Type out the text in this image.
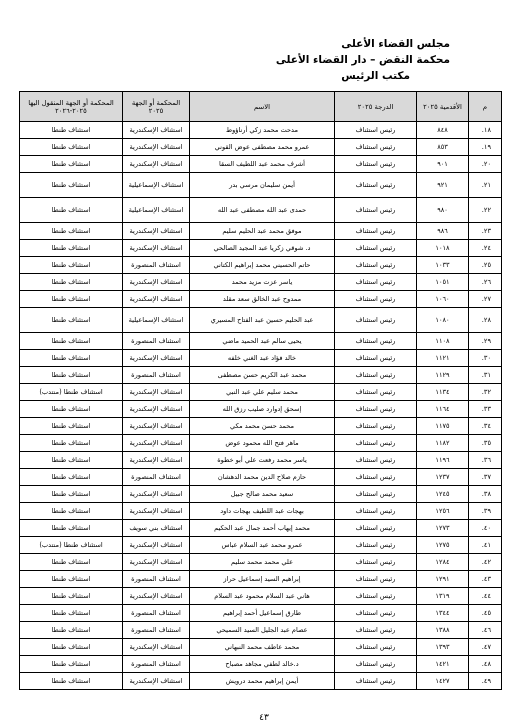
مجلس القضاء الأعلى
محكمة النقض – دار القضاء الأعلى
مكتب الرئيس
م	الأقدمية ٢٠٢٥	الدرجة ٢٠٢٥	الاسم	المحكمة أو الجهة ٢٠٢٥	المحكمة أو الجهة المنقول اليها ٢٠٢٥-٢٠٢٦
١٨.	٨٤٨	رئيس استئناف	مدحت محمد زكي أرناؤوط	استئناف الإسكندرية	استئناف طنطا
١٩.	٨٥٣	رئيس استئناف	عمرو محمد مصطفى عوض القوني	استئناف الإسكندرية	استئناف طنطا
٢٠.	٩٠١	رئيس استئناف	أشرف محمد عبد اللطيف السقا	استئناف الإسكندرية	استئناف طنطا
٢١.	٩٢١	رئيس استئناف	أيمن سليمان مرسي بدر	استئناف الإسماعيلية	استئناف طنطا
٢٢.	٩٨٠	رئيس استئناف	حمدى عبد الله مصطفى عبد الله	استئناف الإسماعيلية	استئناف طنطا
٢٣.	٩٨٦	رئيس استئناف	موفق محمد عبد الحليم سليم	استئناف الإسكندرية	استئناف طنطا
٢٤.	١٠١٨	رئيس استئناف	د. شوقي زكريا عبد المجيد الصالحي	استئناف الإسكندرية	استئناف طنطا
٢٥.	١٠٣٣	رئيس استئناف	حاتم الحسيني محمد إبراهيم الكتاني	استئناف المنصورة	استئناف طنطا
٢٦.	١٠٥١	رئيس استئناف	ياسر عزت مزيد محمد	استئناف الإسكندرية	استئناف طنطا
٢٧.	١٠٦٠	رئيس استئناف	ممدوح عبد الخالق سعد مقلد	استئناف الإسكندرية	استئناف طنطا
٢٨.	١٠٨٠	رئيس استئناف	عبد الحليم حسين عبد الفتاح المسيري	استئناف الإسماعيلية	استئناف طنطا
٢٩.	١١٠٨	رئيس استئناف	يحيى سالم عبد الحميد ماضي	استئناف المنصورة	استئناف طنطا
٣٠.	١١٢١	رئيس استئناف	خالد فؤاد عبد الغني خلفه	استئناف الإسكندرية	استئناف طنطا
٣١.	١١٢٩	رئيس استئناف	محمد عبد الكريم حسن مصطفى	استئناف المنصورة	استئناف طنطا
٣٢.	١١٣٤	رئيس استئناف	محمد سليم علي عبد النبي	استئناف الإسكندرية	استئناف طنطا (منتدب)
٣٣.	١١٦٤	رئيس استئناف	إسحق إدوارد صليب رزق الله	استئناف الإسكندرية	استئناف طنطا
٣٤.	١١٧٥	رئيس استئناف	محمد حسن محمد مكي	استئناف الإسكندرية	استئناف طنطا
٣٥.	١١٨٢	رئيس استئناف	ماهر فتح الله محمود عوض	استئناف الإسكندرية	استئناف طنطا
٣٦.	١١٩٦	رئيس استئناف	ياسر محمد رفعت علي أبو خطوة	استئناف الإسكندرية	استئناف طنطا
٣٧.	١٢٣٧	رئيس استئناف	حازم صلاح الدين محمد الدهشان	استئناف المنصورة	استئناف طنطا
٣٨.	١٢٤٥	رئيس استئناف	سعيد محمد صالح جبيل	استئناف الإسكندرية	استئناف طنطا
٣٩.	١٢٥٦	رئيس استئناف	بهجات عبد اللطيف بهجات داود	استئناف الإسكندرية	استئناف طنطا
٤٠.	١٢٧٣	رئيس استئناف	محمد إيهاب أحمد جمال عبد الحكيم	استئناف بني سويف	استئناف طنطا
٤١.	١٢٧٥	رئيس استئناف	عمرو محمد عبد السلام عباس	استئناف الإسكندرية	استئناف طنطا (منتدب)
٤٢.	١٢٨٤	رئيس استئناف	علي محمد محمد سليم	استئناف الإسكندرية	استئناف طنطا
٤٣.	١٢٩١	رئيس استئناف	إبراهيم السيد إسماعيل حراز	استئناف المنصورة	استئناف طنطا
٤٤.	١٣١٩	رئيس استئناف	هاني عبد السلام محمود عبد السلام	استئناف الإسكندرية	استئناف طنطا
٤٥.	١٣٤٤	رئيس استئناف	طارق إسماعيل أحمد إبراهيم	استئناف المنصورة	استئناف طنطا
٤٦.	١٣٨٨	رئيس استئناف	عصام عبد الجليل السيد السميحي	استئناف المنصورة	استئناف طنطا
٤٧.	١٣٩٣	رئيس استئناف	محمد عاطف محمد النبهاني	استئناف الإسكندرية	استئناف طنطا
٤٨.	١٤٢١	رئيس استئناف	د.خالد لطفي مجاهد مصباح	استئناف المنصورة	استئناف طنطا
٤٩.	١٤٢٧	رئيس استئناف	أيمن إبراهيم محمد درويش	استئناف الإسكندرية	استئناف طنطا
٤٣
